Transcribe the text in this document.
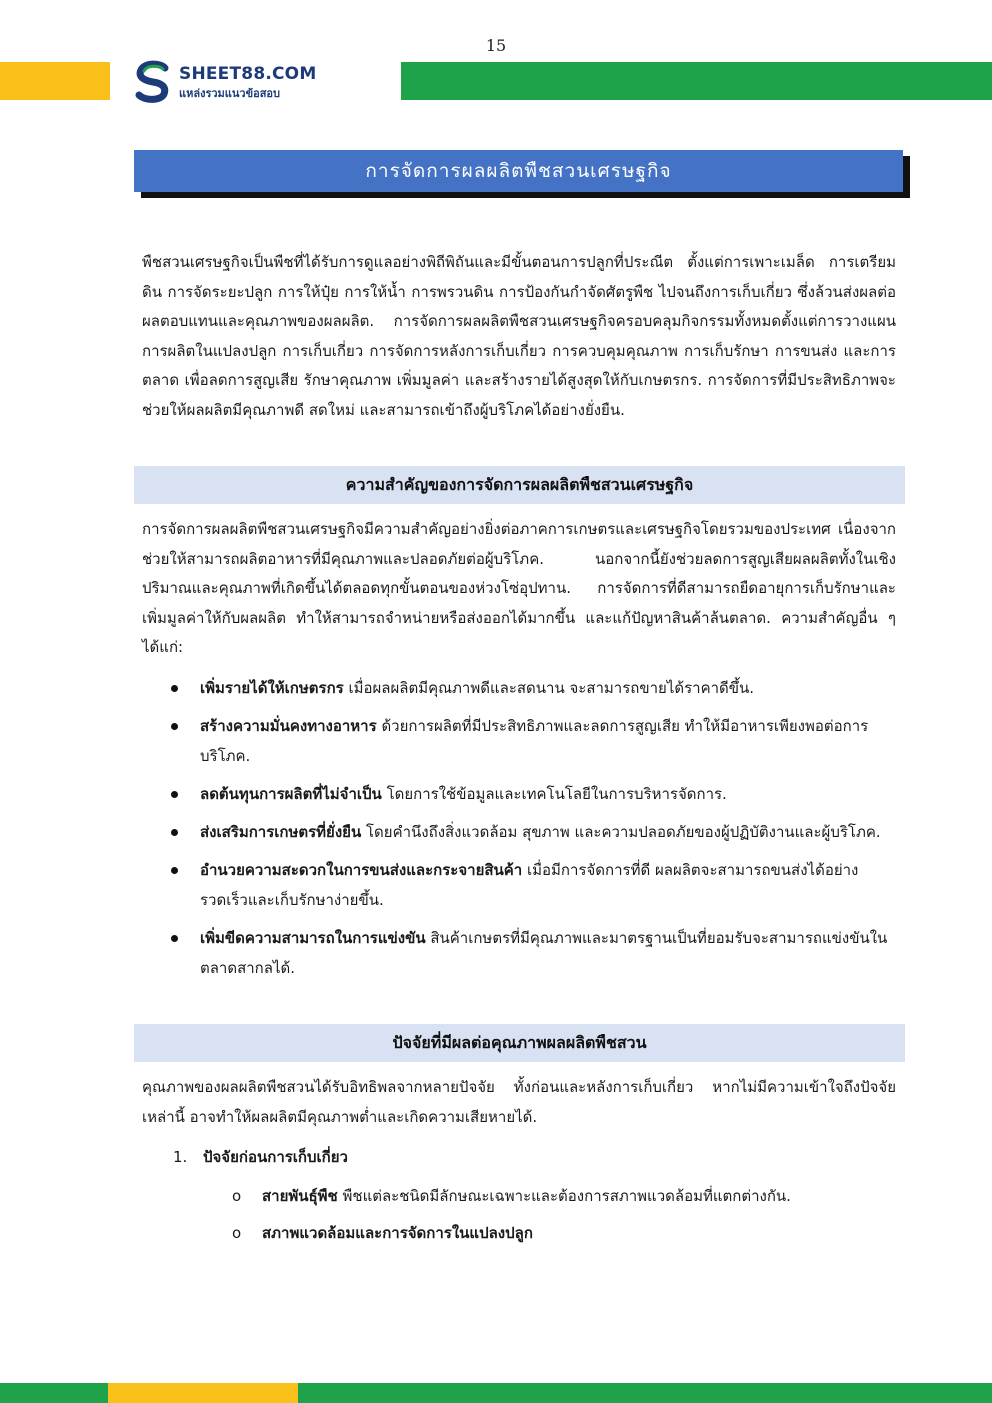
15
SHEET88.COM
แหล่งรวมแนวข้อสอบ
การจัดการผลผลิตพืชสวนเศรษฐกิจ

พืชสวนเศรษฐกิจเป็นพืชที่ได้รับการดูแลอย่างพิถีพิถันและมีขั้นตอนการปลูกที่ประณีต ตั้งแต่การเพาะเมล็ด การเตรียมดิน การจัดระยะปลูก การให้ปุ๋ย การให้น้ำ การพรวนดิน การป้องกันกำจัดศัตรูพืช ไปจนถึงการเก็บเกี่ยว ซึ่งล้วนส่งผลต่อผลตอบแทนและคุณภาพของผลผลิต. การจัดการผลผลิตพืชสวนเศรษฐกิจครอบคลุมกิจกรรมทั้งหมดตั้งแต่การวางแผนการผลิตในแปลงปลูก การเก็บเกี่ยว การจัดการหลังการเก็บเกี่ยว การควบคุมคุณภาพ การเก็บรักษา การขนส่ง และการตลาด เพื่อลดการสูญเสีย รักษาคุณภาพ เพิ่มมูลค่า และสร้างรายได้สูงสุดให้กับเกษตรกร. การจัดการที่มีประสิทธิภาพจะช่วยให้ผลผลิตมีคุณภาพดี สดใหม่ และสามารถเข้าถึงผู้บริโภคได้อย่างยั่งยืน.

ความสำคัญของการจัดการผลผลิตพืชสวนเศรษฐกิจ

การจัดการผลผลิตพืชสวนเศรษฐกิจมีความสำคัญอย่างยิ่งต่อภาคการเกษตรและเศรษฐกิจโดยรวมของประเทศ เนื่องจากช่วยให้สามารถผลิตอาหารที่มีคุณภาพและปลอดภัยต่อผู้บริโภค. นอกจากนี้ยังช่วยลดการสูญเสียผลผลิตทั้งในเชิงปริมาณและคุณภาพที่เกิดขึ้นได้ตลอดทุกขั้นตอนของห่วงโซ่อุปทาน. การจัดการที่ดีสามารถยืดอายุการเก็บรักษาและเพิ่มมูลค่าให้กับผลผลิต ทำให้สามารถจำหน่ายหรือส่งออกได้มากขึ้น และแก้ปัญหาสินค้าล้นตลาด. ความสำคัญอื่น ๆ ได้แก่:

เพิ่มรายได้ให้เกษตรกร เมื่อผลผลิตมีคุณภาพดีและสดนาน จะสามารถขายได้ราคาดีขึ้น.
สร้างความมั่นคงทางอาหาร ด้วยการผลิตที่มีประสิทธิภาพและลดการสูญเสีย ทำให้มีอาหารเพียงพอต่อการบริโภค.
ลดต้นทุนการผลิตที่ไม่จำเป็น โดยการใช้ข้อมูลและเทคโนโลยีในการบริหารจัดการ.
ส่งเสริมการเกษตรที่ยั่งยืน โดยคำนึงถึงสิ่งแวดล้อม สุขภาพ และความปลอดภัยของผู้ปฏิบัติงานและผู้บริโภค.
อำนวยความสะดวกในการขนส่งและกระจายสินค้า เมื่อมีการจัดการที่ดี ผลผลิตจะสามารถขนส่งได้อย่างรวดเร็วและเก็บรักษาง่ายขึ้น.
เพิ่มขีดความสามารถในการแข่งขัน สินค้าเกษตรที่มีคุณภาพและมาตรฐานเป็นที่ยอมรับจะสามารถแข่งขันในตลาดสากลได้.
ปัจจัยที่มีผลต่อคุณภาพผลผลิตพืชสวน

คุณภาพของผลผลิตพืชสวนได้รับอิทธิพลจากหลายปัจจัย ทั้งก่อนและหลังการเก็บเกี่ยว หากไม่มีความเข้าใจถึงปัจจัยเหล่านี้ อาจทำให้ผลผลิตมีคุณภาพต่ำและเกิดความเสียหายได้.

1. ปัจจัยก่อนการเก็บเกี่ยว
o สายพันธุ์พืช พืชแต่ละชนิดมีลักษณะเฉพาะและต้องการสภาพแวดล้อมที่แตกต่างกัน.
o สภาพแวดล้อมและการจัดการในแปลงปลูก
